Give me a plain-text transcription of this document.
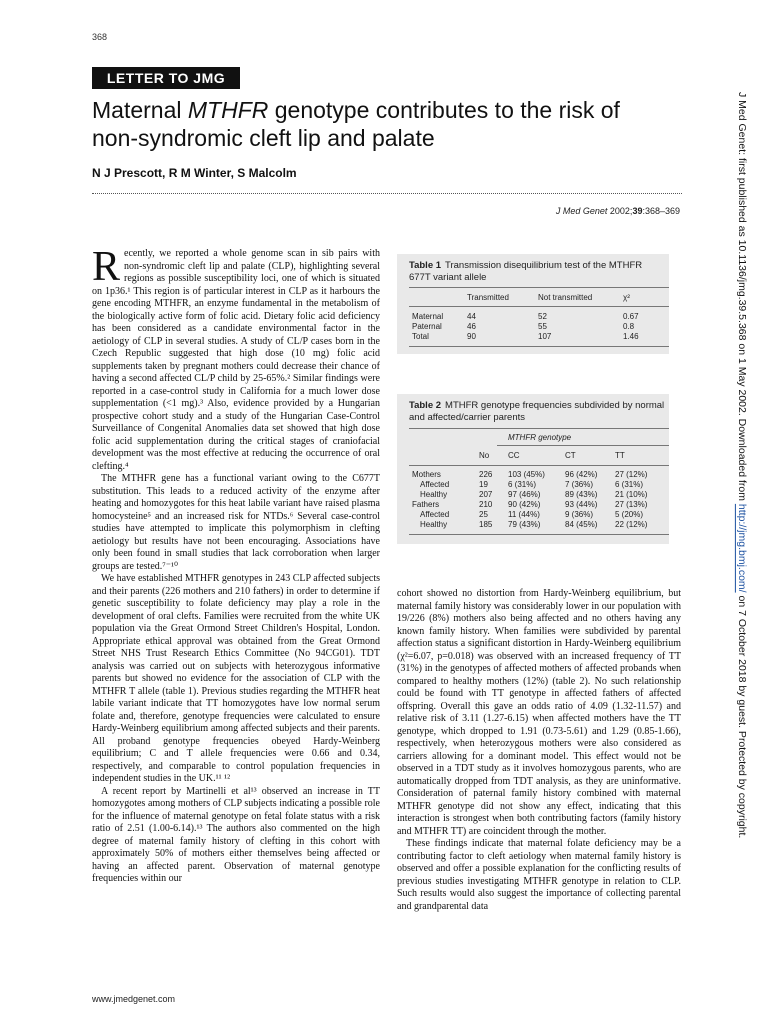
368
LETTER TO JMG
Maternal MTHFR genotype contributes to the risk of non-syndromic cleft lip and palate
N J Prescott, R M Winter, S Malcolm
J Med Genet 2002;39:368–369

Recently, we reported a whole genome scan in sib pairs with non-syndromic cleft lip and palate (CLP), highlighting several regions as possible susceptibility loci, one of which is situated on 1p36.¹ This region is of particular interest in CLP as it harbours the gene encoding MTHFR, an enzyme fundamental in the metabolism of the biologically active form of folic acid. Dietary folic acid deficiency has been considered as a candidate environmental factor in the aetiology of CLP in several studies. A study of CL/P cases born in the Czech Republic suggested that high dose (10 mg) folic acid supplements taken by pregnant mothers could decrease their chance of having a second affected CL/P child by 25-65%.² Similar findings were reported in a case-control study in California for a much lower dose supplementation (<1 mg).³ Also, evidence provided by a Hungarian prospective cohort study and a study of the Hungarian Case-Control Surveillance of Congenital Anomalies data set showed that high dose folic acid supplementation during the critical stages of craniofacial development was the most effective at reducing the occurrence of oral clefting.⁴

The MTHFR gene has a functional variant owing to the C677T substitution. This leads to a reduced activity of the enzyme after heating and homozygotes for this heat labile variant have raised plasma homocysteine⁵ and an increased risk for NTDs.⁶ Several case-control studies have attempted to implicate this polymorphism in clefting aetiology but results have not been encouraging. Associations have only been found in small studies that lack corroboration when larger groups are tested.⁷⁻¹⁰

We have established MTHFR genotypes in 243 CLP affected subjects and their parents (226 mothers and 210 fathers) in order to determine if genetic susceptibility to folate deficiency may play a role in the development of oral clefts. Families were recruited from the white UK population via the Great Ormond Street Children's Hospital, London. Appropriate ethical approval was obtained from the Great Ormond Street NHS Trust Research Ethics Committee (No 94CG01). TDT analysis was carried out on subjects with heterozygous informative parents but showed no evidence for the association of CLP with the MTHFR T allele (table 1). Previous studies regarding the MTHFR heat labile variant indicate that TT homozygotes have low normal serum folate and, therefore, genotype frequencies were calculated to ensure Hardy-Weinberg equilibrium among affected subjects and their parents. All proband genotype frequencies obeyed Hardy-Weinberg equilibrium; C and T allele frequencies were 0.66 and 0.34, respectively, and comparable to control population frequencies in independent studies in the UK.¹¹ ¹²

A recent report by Martinelli et al¹³ observed an increase in TT homozygotes among mothers of CLP subjects indicating a possible role for the influence of maternal genotype on fetal folate status with a risk ratio of 2.51 (1.00-6.14).¹³ The authors also commented on the high degree of maternal family history of clefting in this cohort with approximately 50% of mothers either themselves being affected or having an affected parent. Observation of maternal genotype frequencies within our

cohort showed no distortion from Hardy-Weinberg equilibrium, but maternal family history was considerably lower in our population with 19/226 (8%) mothers also being affected and no others having any known family history. When families were subdivided by parental affection status a significant distortion in Hardy-Weinberg equilibrium (χ²=6.07, p=0.018) was observed with an increased frequency of TT (31%) in the genotypes of affected mothers of affected probands when compared to healthy mothers (12%) (table 2). No such relationship could be found with TT genotype in affected fathers of affected offspring. Overall this gave an odds ratio of 4.09 (1.32-11.57) and relative risk of 3.11 (1.27-6.15) when affected mothers have the TT genotype, which dropped to 1.91 (0.73-5.61) and 1.29 (0.85-1.66), respectively, when heterozygous mothers were also considered as carriers allowing for a dominant model. This effect would not be observed in a TDT study as it involves homozygous parents, who are automatically dropped from TDT analysis, as they are uninformative. Consideration of paternal family history combined with maternal MTHFR genotype did not show any effect, indicating that this interaction is strongest when both contributing factors (family history and MTHFR TT) are coincident through the mother.

These findings indicate that maternal folate deficiency may be a contributing factor to cleft aetiology when maternal family history is observed and offer a possible explanation for the conflicting results of previous studies investigating MTHFR genotype in relation to CLP. Such results would also suggest the importance of collecting parental and grandparental data

Table 1 Transmission disequilibrium test of the MTHFR 677T variant allele
Transmitted	Not transmitted	χ²
Maternal	44	52	0.67
Paternal	46	55	0.8
Total	90	107	1.46
Table 2 MTHFR genotype frequencies subdivided by normal and affected/carrier parents
MTHFR genotype
No CC	CT	TT
Mothers	226 103 (45%)	96 (42%) 27 (12%)
Affected	19	6 (31%)	7 (36%)	6 (31%)
Healthy	207 97 (46%)	89 (43%) 21 (10%)
Fathers	210 90 (42%)	93 (44%) 27 (13%)
Affected	25	11 (44%)	9 (36%)	5 (20%)
Healthy	185 79 (43%)	84 (45%) 22 (12%)
J Med Genet: first published as 10.1136/jmg.39.5.368 on 1 May 2002. Downloaded from http://jmg.bmj.com/ on 7 October 2018 by guest. Protected by copyright.
www.jmedgenet.com
